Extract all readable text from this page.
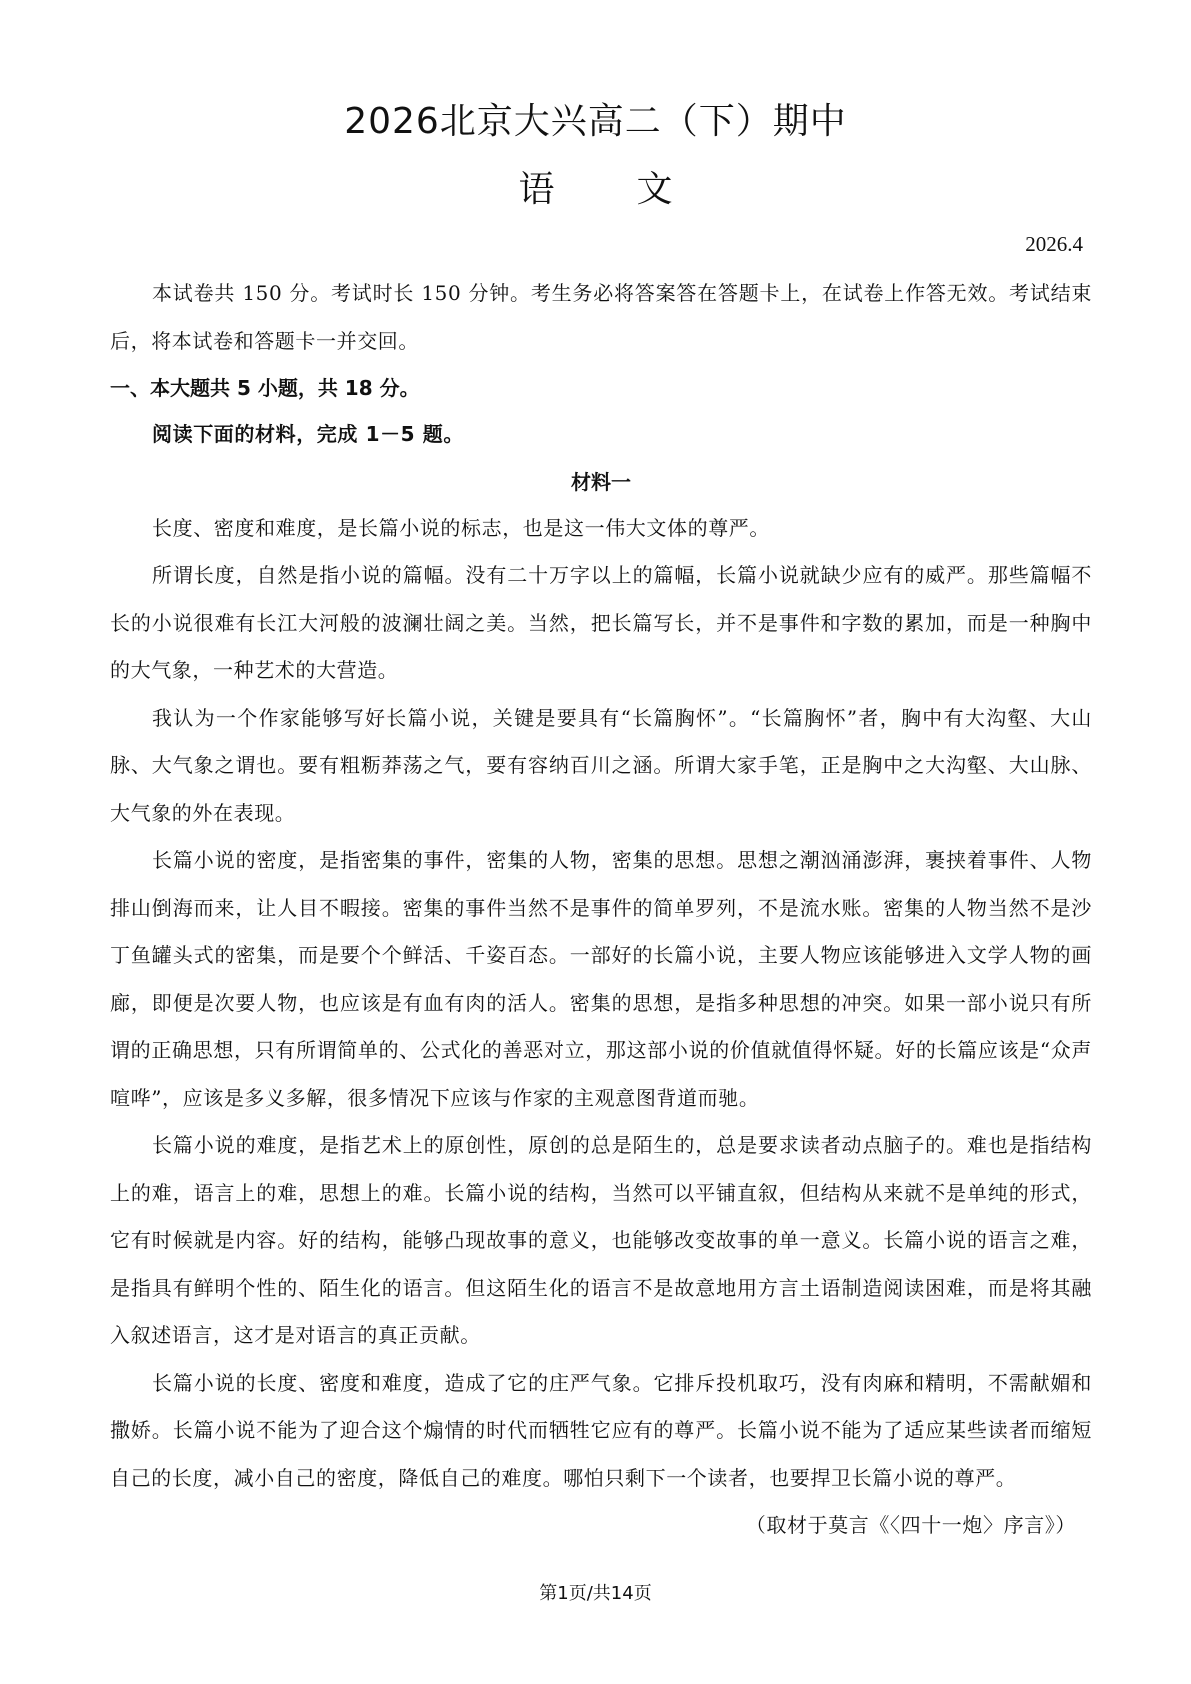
2026北京大兴高二（下）期中
语 文
2026.4

本试卷共 150 分。考试时长 150 分钟。考生务必将答案答在答题卡上，在试卷上作答无效。考试结束后，将本试卷和答题卡一并交回。

一、本大题共 5 小题，共 18 分。

阅读下面的材料，完成 1－5 题。

材料一

长度、密度和难度，是长篇小说的标志，也是这一伟大文体的尊严。

所谓长度，自然是指小说的篇幅。没有二十万字以上的篇幅，长篇小说就缺少应有的威严。那些篇幅不长的小说很难有长江大河般的波澜壮阔之美。当然，把长篇写长，并不是事件和字数的累加，而是一种胸中的大气象，一种艺术的大营造。

我认为一个作家能够写好长篇小说，关键是要具有“长篇胸怀”。“长篇胸怀”者，胸中有大沟壑、大山脉、大气象之谓也。要有粗粝莽荡之气，要有容纳百川之涵。所谓大家手笔，正是胸中之大沟壑、大山脉、大气象的外在表现。

长篇小说的密度，是指密集的事件，密集的人物，密集的思想。思想之潮汹涌澎湃，裹挟着事件、人物排山倒海而来，让人目不暇接。密集的事件当然不是事件的简单罗列，不是流水账。密集的人物当然不是沙丁鱼罐头式的密集，而是要个个鲜活、千姿百态。一部好的长篇小说，主要人物应该能够进入文学人物的画廊，即便是次要人物，也应该是有血有肉的活人。密集的思想，是指多种思想的冲突。如果一部小说只有所谓的正确思想，只有所谓简单的、公式化的善恶对立，那这部小说的价值就值得怀疑。好的长篇应该是“众声喧哗”，应该是多义多解，很多情况下应该与作家的主观意图背道而驰。

长篇小说的难度，是指艺术上的原创性，原创的总是陌生的，总是要求读者动点脑子的。难也是指结构上的难，语言上的难，思想上的难。长篇小说的结构，当然可以平铺直叙，但结构从来就不是单纯的形式，它有时候就是内容。好的结构，能够凸现故事的意义，也能够改变故事的单一意义。长篇小说的语言之难，是指具有鲜明个性的、陌生化的语言。但这陌生化的语言不是故意地用方言土语制造阅读困难，而是将其融入叙述语言，这才是对语言的真正贡献。

长篇小说的长度、密度和难度，造成了它的庄严气象。它排斥投机取巧，没有肉麻和精明，不需献媚和撒娇。长篇小说不能为了迎合这个煽情的时代而牺牲它应有的尊严。长篇小说不能为了适应某些读者而缩短自己的长度，减小自己的密度，降低自己的难度。哪怕只剩下一个读者，也要捍卫长篇小说的尊严。

（取材于莫言《〈四十一炮〉序言》）

第1页/共14页
